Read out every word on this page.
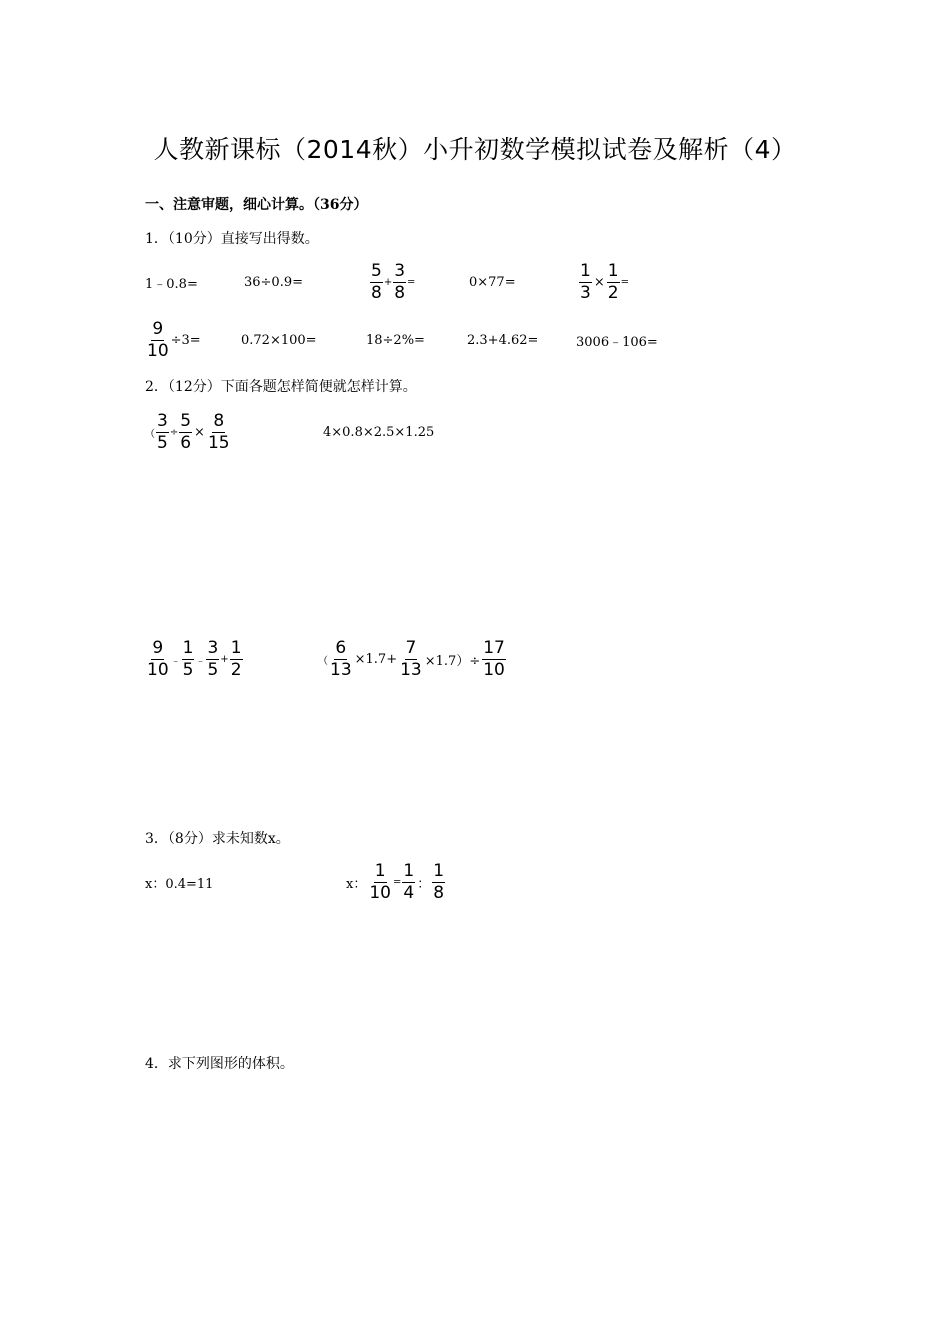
人教新课标（2014秋）小升初数学模拟试卷及解析（4）
一、注意审题，细心计算。（36分）
1．（10分）直接写出得数。
1﹣0.8=	36÷0.9=	$\frac{5}{8} + \frac{3}{8}$ =	0×77=	$\frac{1}{3} \times \frac{1}{2}$ =
$\frac{9}{10} \div 3=$	0.72×100=	18÷2%=	2.3+4.62=	3006﹣106=
2．（12分）下面各题怎样简便就怎样计算。
（ $\frac{3}{5} \div \frac{5}{6} \times \frac{8}{15}$	4×0.8×2.5×1.25
$\frac{9}{10}$ ﹣ $\frac{1}{5}$ ﹣ $\frac{3}{5} + \frac{1}{2}$	（ $\frac{6}{13} \times 1.7+ \frac{7}{13} \times 1.7)\div \frac{17}{10}$
3．（8分）求未知数x。
x：0.4=11	x： $\frac{1}{10} = \frac{1}{4}$ ： $\frac{1}{8}$
4．求下列图形的体积。
